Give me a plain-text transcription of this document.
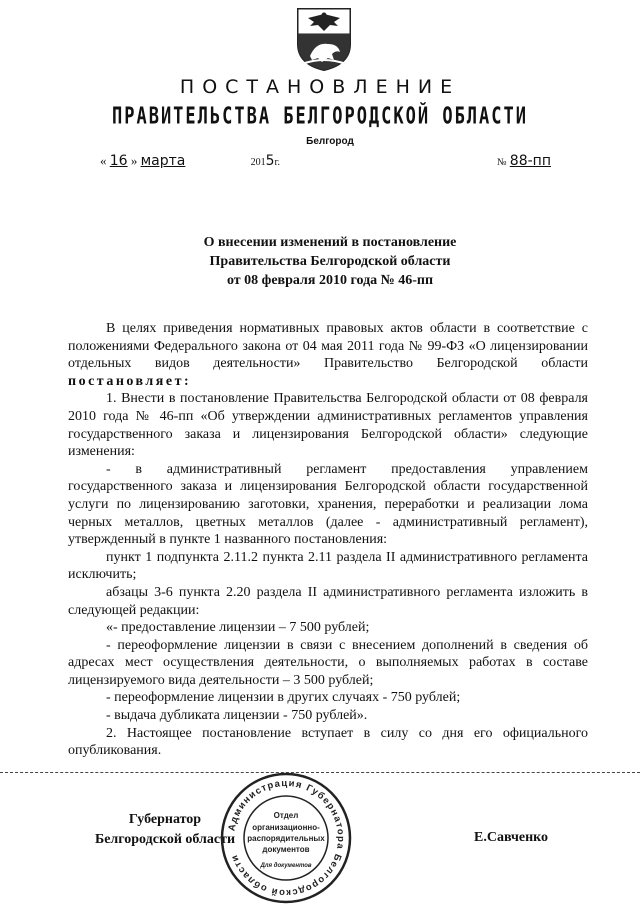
ПОСТАНОВЛЕНИЕ
ПРАВИТЕЛЬСТВА БЕЛГОРОДСКОЙ ОБЛАСТИ
Белгород
« 16 » марта	2015г.	№ 88-пп
О внесении изменений в постановление
Правительства Белгородской области
от 08 февраля 2010 года № 46-пп

В целях приведения нормативных правовых актов области в соответствие с положениями Федерального закона от 04 мая 2011 года № 99-ФЗ «О лицензировании отдельных видов деятельности» Правительство Белгородской области постановляет:

1. Внести в постановление Правительства Белгородской области от 08 февраля 2010 года № 46-пп «Об утверждении административных регламентов управления государственного заказа и лицензирования Белгородской области» следующие изменения:

- в административный регламент предоставления управлением государственного заказа и лицензирования Белгородской области государственной услуги по лицензированию заготовки, хранения, переработки и реализации лома черных металлов, цветных металлов (далее - административный регламент), утвержденный в пункте 1 названного постановления:

пункт 1 подпункта 2.11.2 пункта 2.11 раздела II административного регламента исключить;

абзацы 3-6 пункта 2.20 раздела II административного регламента изложить в следующей редакции:

«- предоставление лицензии – 7 500 рублей;

- переоформление лицензии в связи с внесением дополнений в сведения об адресах мест осуществления деятельности, о выполняемых работах в составе лицензируемого вида деятельности – 3 500 рублей;

- переоформление лицензии в других случаях - 750 рублей;

- выдача дубликата лицензии - 750 рублей».

2. Настоящее постановление вступает в силу со дня его официального опубликования.

Губернатор
Белгородской области	Е.Савченко
Администрация Губернатора Белгородской области
Отдел
организационно-
распорядительных
документов
Для документов
